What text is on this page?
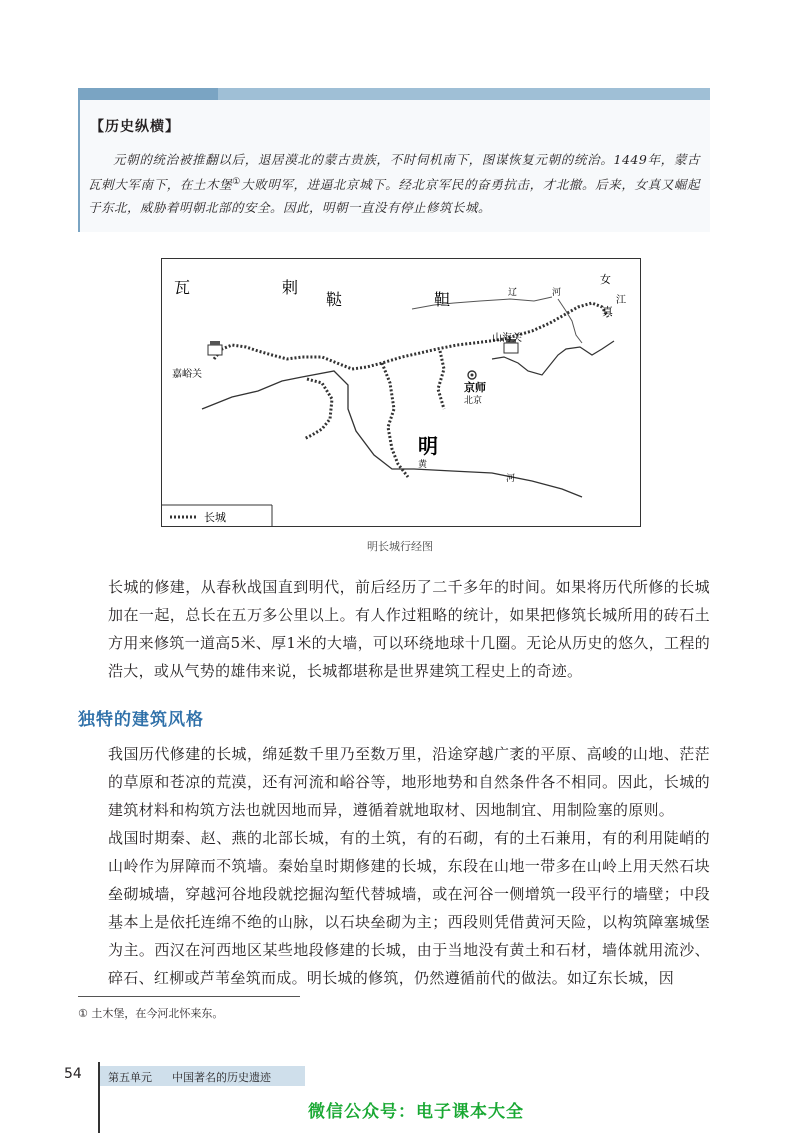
【历史纵横】
元朝的统治被推翻以后，退居漠北的蒙古贵族，不时伺机南下，图谋恢复元朝的统治。1449年，蒙古瓦剌大军南下，在土木堡①大败明军，进逼北京城下。经北京军民的奋勇抗击，才北撤。后来，女真又崛起于东北，威胁着明朝北部的安全。因此，明朝一直没有停止修筑长城。
瓦	剌
鞑	靼
女
真
江
嘉峪关
山海关
京师
北京
明
黄
河
辽	河
长城
明长城行经图
长城的修建，从春秋战国直到明代，前后经历了二千多年的时间。如果将历代所修的长城加在一起，总长在五万多公里以上。有人作过粗略的统计，如果把修筑长城所用的砖石土方用来修筑一道高5米、厚1米的大墙，可以环绕地球十几圈。无论从历史的悠久，工程的浩大，或从气势的雄伟来说，长城都堪称是世界建筑工程史上的奇迹。
独特的建筑风格
我国历代修建的长城，绵延数千里乃至数万里，沿途穿越广袤的平原、高峻的山地、茫茫的草原和苍凉的荒漠，还有河流和峪谷等，地形地势和自然条件各不相同。因此，长城的建筑材料和构筑方法也就因地而异，遵循着就地取材、因地制宜、用制险塞的原则。
战国时期秦、赵、燕的北部长城，有的土筑，有的石砌，有的土石兼用，有的利用陡峭的山岭作为屏障而不筑墙。秦始皇时期修建的长城，东段在山地一带多在山岭上用天然石块垒砌城墙，穿越河谷地段就挖掘沟堑代替城墙，或在河谷一侧增筑一段平行的墙壁；中段基本上是依托连绵不绝的山脉，以石块垒砌为主；西段则凭借黄河天险，以构筑障塞城堡为主。西汉在河西地区某些地段修建的长城，由于当地没有黄土和石材，墙体就用流沙、碎石、红柳或芦苇垒筑而成。明长城的修筑，仍然遵循前代的做法。如辽东长城，因
① 土木堡，在今河北怀来东。
54 第五单元 中国著名的历史遗迹
微信公众号：电子课本大全
